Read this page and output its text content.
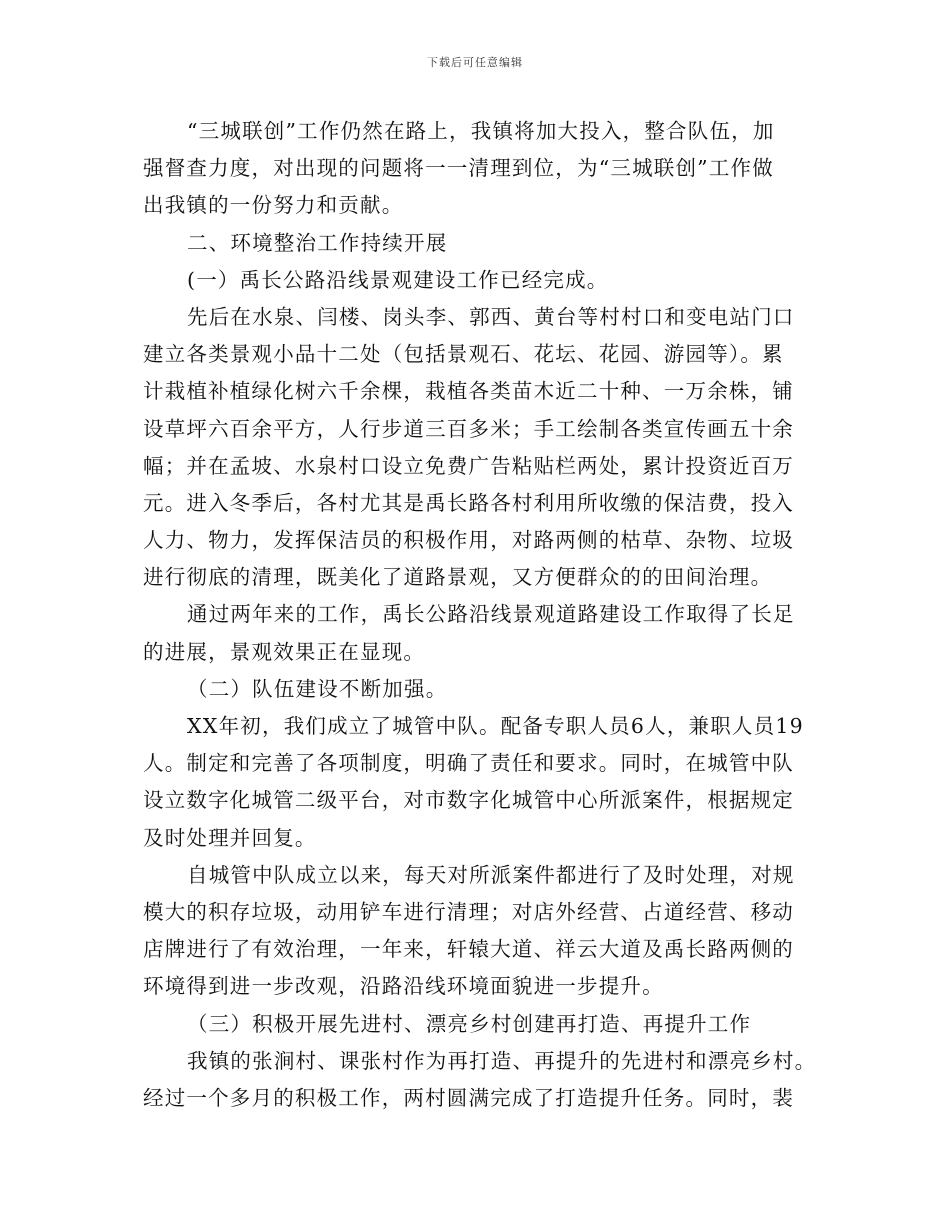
下载后可任意编辑
“三城联创”工作仍然在路上，我镇将加大投入，整合队伍，加
强督查力度，对出现的问题将一一清理到位，为“三城联创”工作做
出我镇的一份努力和贡献。
二、环境整治工作持续开展
(一）禹长公路沿线景观建设工作已经完成。
先后在水泉、闫楼、岗头李、郭西、黄台等村村口和变电站门口
建立各类景观小品十二处（包括景观石、花坛、花园、游园等）。累
计栽植补植绿化树六千余棵，栽植各类苗木近二十种、一万余株，铺
设草坪六百余平方，人行步道三百多米；手工绘制各类宣传画五十余
幅；并在孟坡、水泉村口设立免费广告粘贴栏两处，累计投资近百万
元。进入冬季后，各村尤其是禹长路各村利用所收缴的保洁费，投入
人力、物力，发挥保洁员的积极作用，对路两侧的枯草、杂物、垃圾
进行彻底的清理，既美化了道路景观，又方便群众的的田间治理。
通过两年来的工作，禹长公路沿线景观道路建设工作取得了长足
的进展，景观效果正在显现。
（二）队伍建设不断加强。
XX年初，我们成立了城管中队。配备专职人员6人，兼职人员19
人。制定和完善了各项制度，明确了责任和要求。同时，在城管中队
设立数字化城管二级平台，对市数字化城管中心所派案件，根据规定
及时处理并回复。
自城管中队成立以来，每天对所派案件都进行了及时处理，对规
模大的积存垃圾，动用铲车进行清理；对店外经营、占道经营、移动
店牌进行了有效治理，一年来，轩辕大道、祥云大道及禹长路两侧的
环境得到进一步改观，沿路沿线环境面貌进一步提升。
（三）积极开展先进村、漂亮乡村创建再打造、再提升工作
我镇的张涧村、课张村作为再打造、再提升的先进村和漂亮乡村。
经过一个多月的积极工作，两村圆满完成了打造提升任务。同时，裴
